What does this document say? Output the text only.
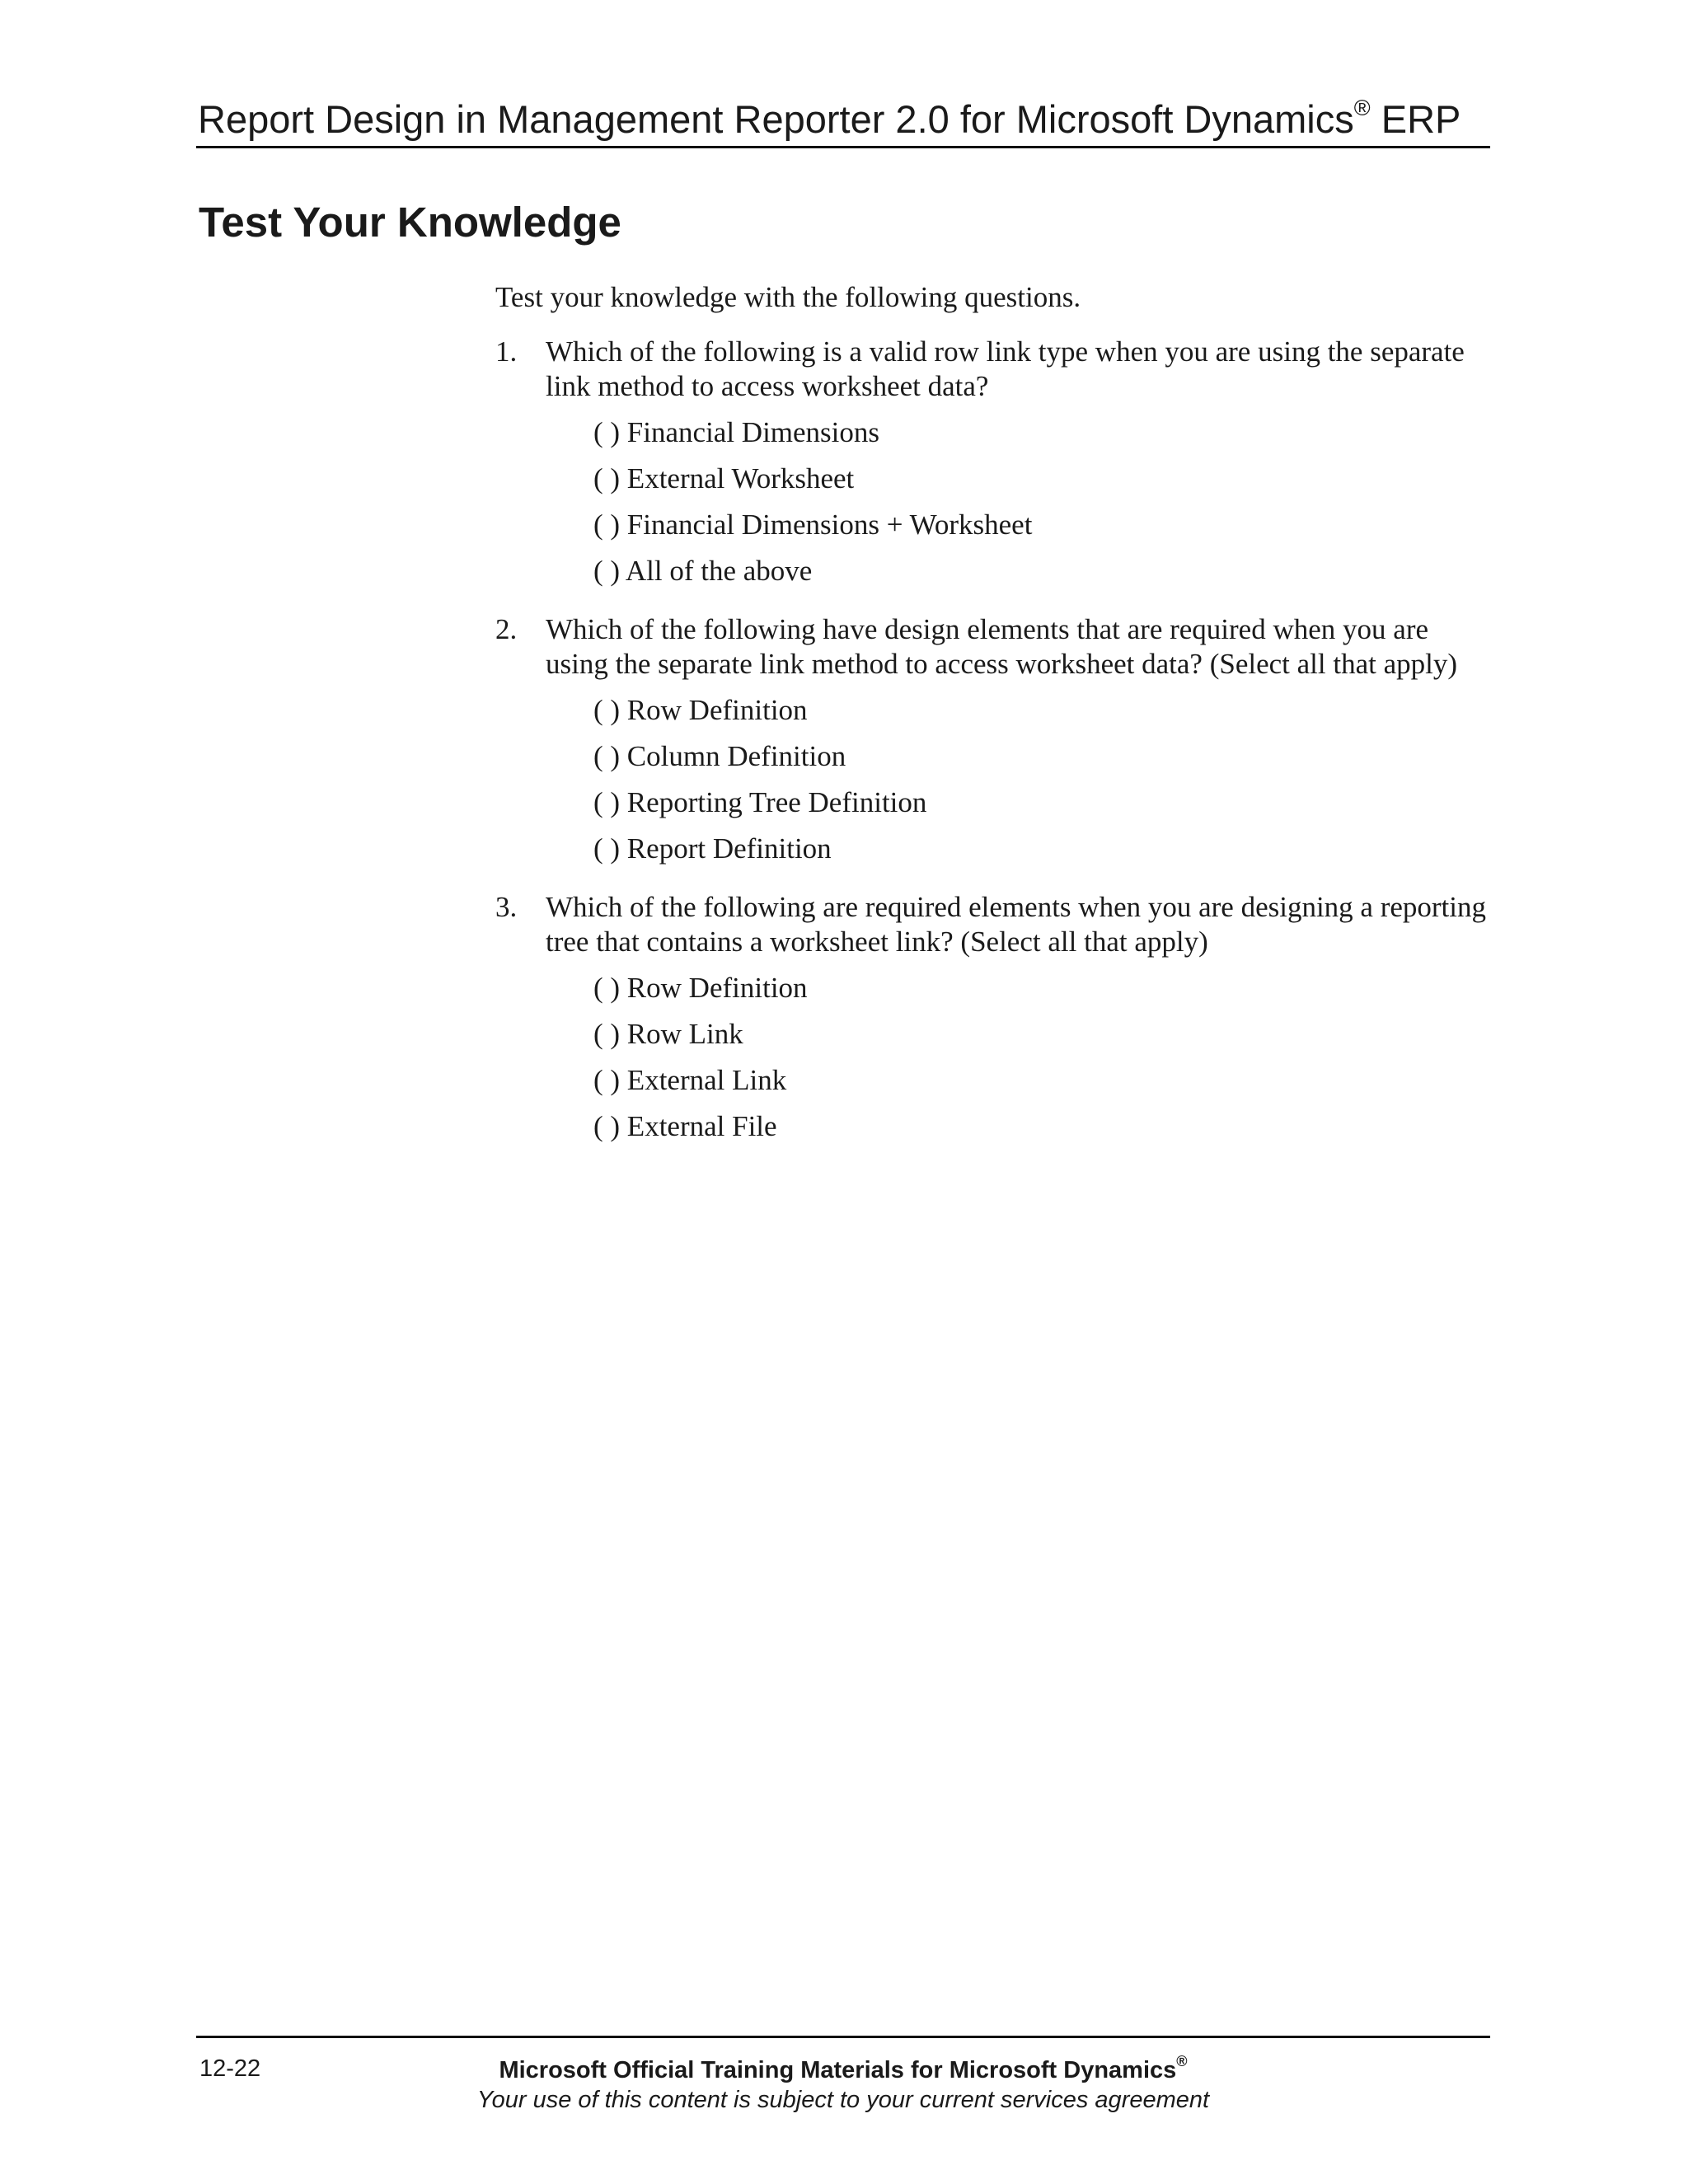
Report Design in Management Reporter 2.0 for Microsoft Dynamics® ERP
Test Your Knowledge

Test your knowledge with the following questions.

1. Which of the following is a valid row link type when you are using the separate link method to access worksheet data?
( ) Financial Dimensions
( ) External Worksheet
( ) Financial Dimensions + Worksheet
( ) All of the above
2. Which of the following have design elements that are required when you are using the separate link method to access worksheet data? (Select all that apply)
( ) Row Definition
( ) Column Definition
( ) Reporting Tree Definition
( ) Report Definition
3. Which of the following are required elements when you are designing a reporting tree that contains a worksheet link? (Select all that apply)
( ) Row Definition
( ) Row Link
( ) External Link
( ) External File
12-22	Microsoft Official Training Materials for Microsoft Dynamics®
Your use of this content is subject to your current services agreement
